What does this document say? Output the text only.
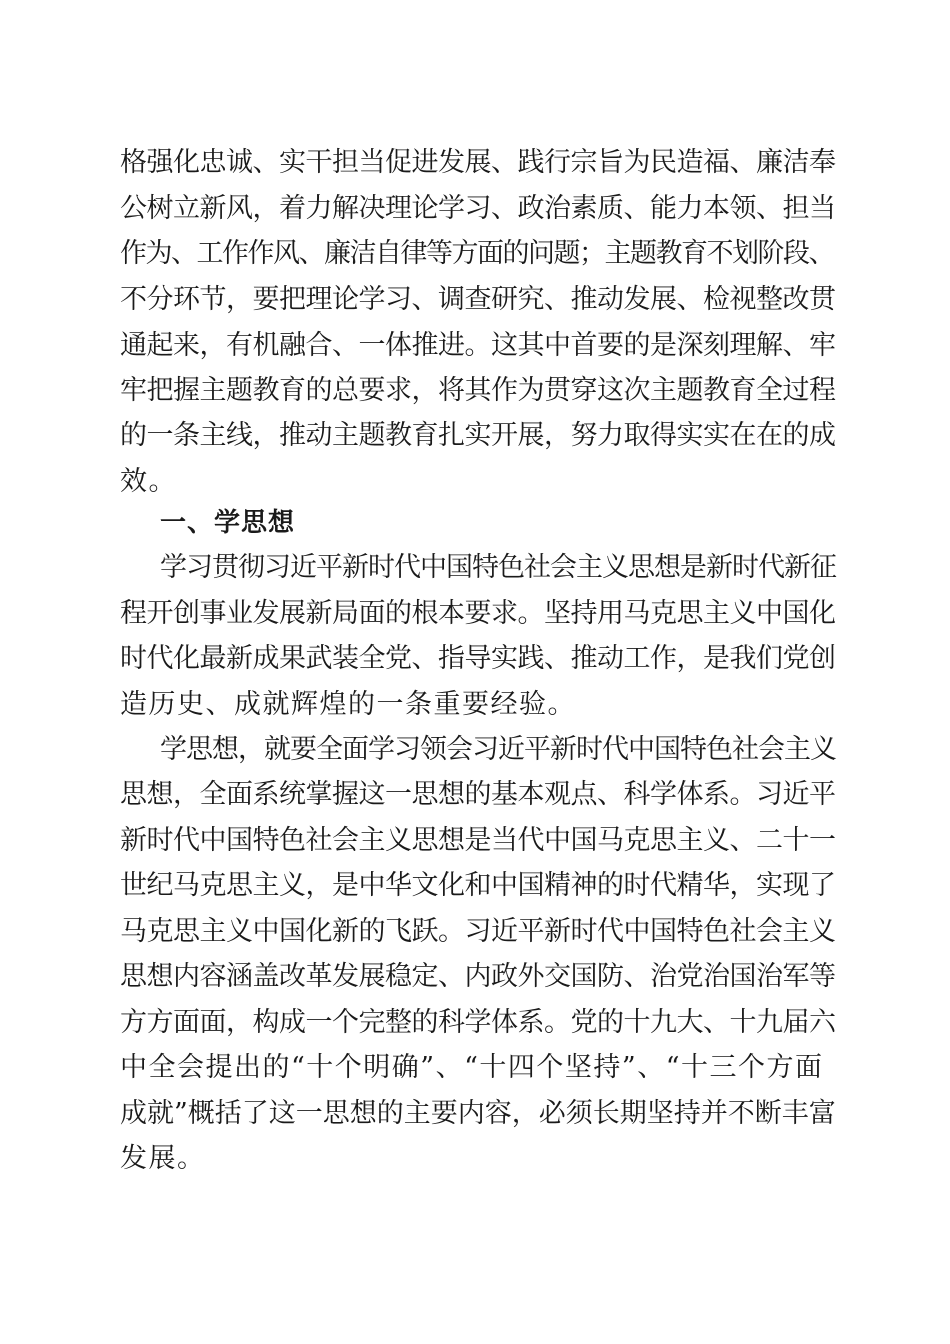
格强化忠诚、实干担当促进发展、践行宗旨为民造福、廉洁奉
公树立新风，着力解决理论学习、政治素质、能力本领、担当
作为、工作作风、廉洁自律等方面的问题；主题教育不划阶段、
不分环节，要把理论学习、调查研究、推动发展、检视整改贯
通起来，有机融合、一体推进。这其中首要的是深刻理解、牢
牢把握主题教育的总要求，将其作为贯穿这次主题教育全过程
的一条主线，推动主题教育扎实开展，努力取得实实在在的成
效。
一、学思想
学习贯彻习近平新时代中国特色社会主义思想是新时代新征
程开创事业发展新局面的根本要求。坚持用马克思主义中国化
时代化最新成果武装全党、指导实践、推动工作，是我们党创
造历史、成就辉煌的一条重要经验。
学思想，就要全面学习领会习近平新时代中国特色社会主义
思想，全面系统掌握这一思想的基本观点、科学体系。习近平
新时代中国特色社会主义思想是当代中国马克思主义、二十一
世纪马克思主义，是中华文化和中国精神的时代精华，实现了
马克思主义中国化新的飞跃。习近平新时代中国特色社会主义
思想内容涵盖改革发展稳定、内政外交国防、治党治国治军等
方方面面，构成一个完整的科学体系。党的十九大、十九届六
中全会提出的“十个明确”、“十四个坚持”、“十三个方面
成就”概括了这一思想的主要内容，必须长期坚持并不断丰富
发展。
